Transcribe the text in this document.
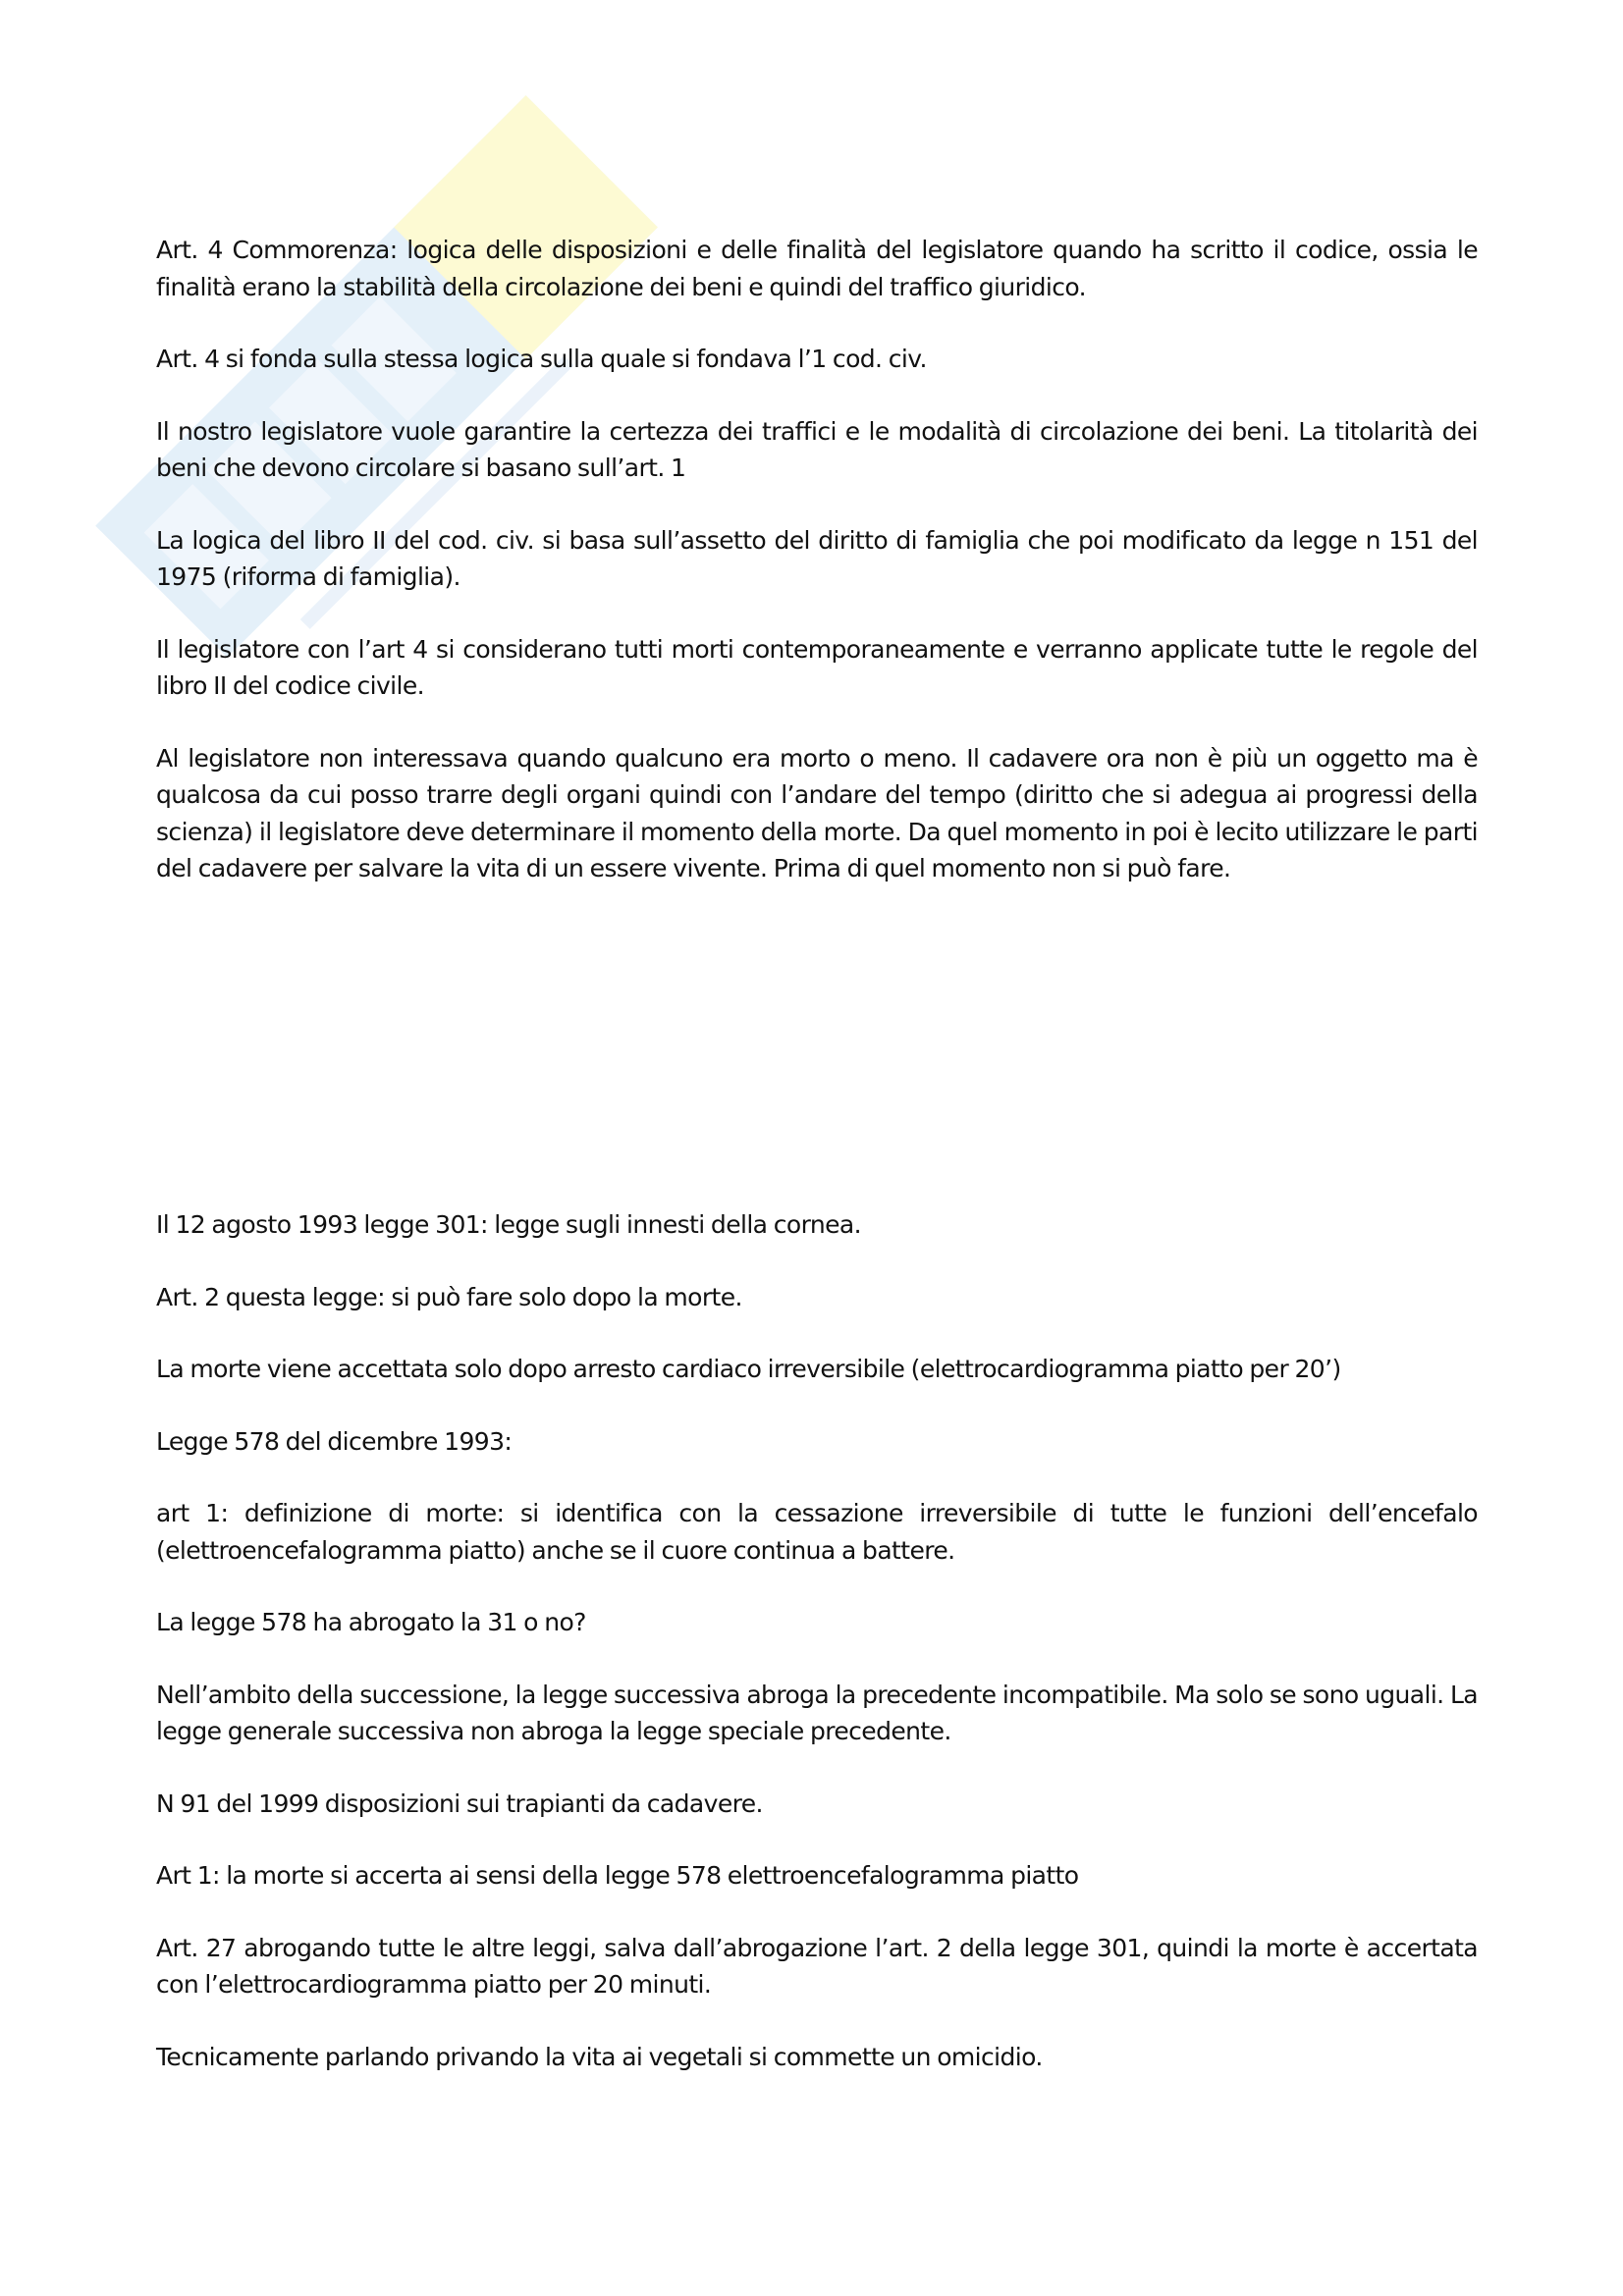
Art. 4 Commorenza: logica delle disposizioni e delle finalità del legislatore quando ha scritto il codice, ossia le finalità erano la stabilità della circolazione dei beni e quindi del traffico giuridico.

Art. 4 si fonda sulla stessa logica sulla quale si fondava l’1 cod. civ.

Il nostro legislatore vuole garantire la certezza dei traffici e le modalità di circolazione dei beni. La titolarità dei beni che devono circolare si basano sull’art. 1

La logica del libro II del cod. civ. si basa sull’assetto del diritto di famiglia che poi modificato da legge n 151 del 1975 (riforma di famiglia).

Il legislatore con l’art 4 si considerano tutti morti contemporaneamente e verranno applicate tutte le regole del libro II del codice civile.

Al legislatore non interessava quando qualcuno era morto o meno. Il cadavere ora non è più un oggetto ma è qualcosa da cui posso trarre degli organi quindi con l’andare del tempo (diritto che si adegua ai progressi della scienza) il legislatore deve determinare il momento della morte. Da quel momento in poi è lecito utilizzare le parti del cadavere per salvare la vita di un essere vivente. Prima di quel momento non si può fare.

Il 12 agosto 1993 legge 301: legge sugli innesti della cornea.

Art. 2 questa legge: si può fare solo dopo la morte.

La morte viene accettata solo dopo arresto cardiaco irreversibile (elettrocardiogramma piatto per 20’)

Legge 578 del dicembre 1993:

art 1: definizione di morte: si identifica con la cessazione irreversibile di tutte le funzioni dell’encefalo (elettroencefalogramma piatto) anche se il cuore continua a battere.

La legge 578 ha abrogato la 31 o no?

Nell’ambito della successione, la legge successiva abroga la precedente incompatibile. Ma solo se sono uguali. La legge generale successiva non abroga la legge speciale precedente.

N 91 del 1999 disposizioni sui trapianti da cadavere.

Art 1: la morte si accerta ai sensi della legge 578 elettroencefalogramma piatto

Art. 27 abrogando tutte le altre leggi, salva dall’abrogazione l’art. 2 della legge 301, quindi la morte è accertata con l’elettrocardiogramma piatto per 20 minuti.

Tecnicamente parlando privando la vita ai vegetali si commette un omicidio.
